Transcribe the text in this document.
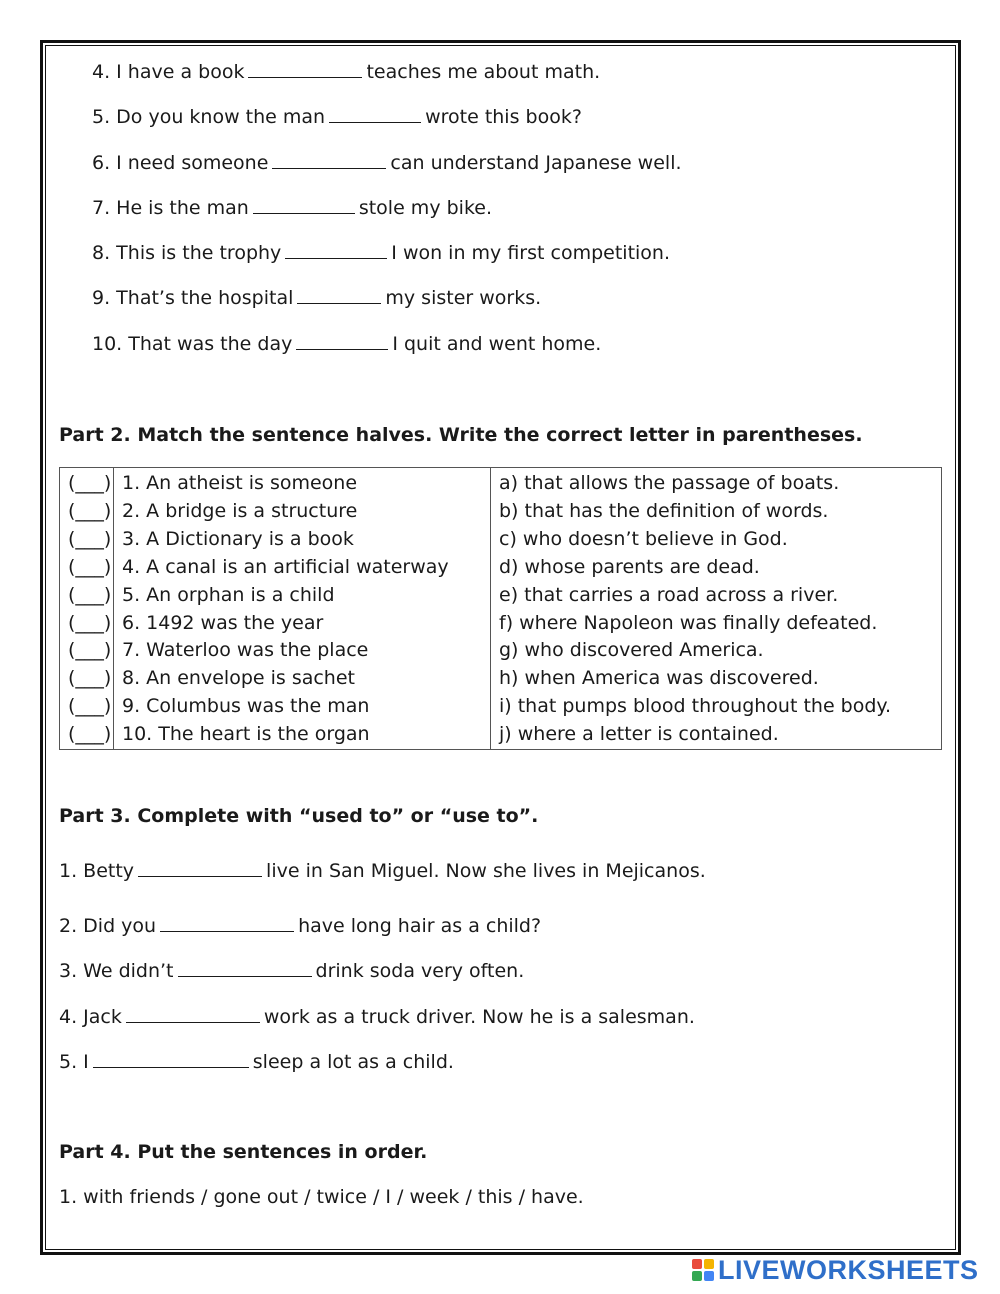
4. I have a book	teaches me about math.
5. Do you know the man	wrote this book?
6. I need someone	can understand Japanese well.
7. He is the man	stole my bike.
8. This is the trophy	I won in my first competition.
9. That’s the hospital	my sister works.
10. That was the day	I quit and went home.
Part 2. Match the sentence halves. Write the correct letter in parentheses.
(___)	1. An atheist is someone	a) that allows the passage of boats.
(___)	2. A bridge is a structure	b) that has the definition of words.
(___)	3. A Dictionary is a book	c) who doesn’t believe in God.
(___)	4. A canal is an artificial waterway	d) whose parents are dead.
(___)	5. An orphan is a child	e) that carries a road across a river.
(___)	6. 1492 was the year	f) where Napoleon was finally defeated.
(___)	7. Waterloo was the place	g) who discovered America.
(___)	8. An envelope is sachet	h) when America was discovered.
(___)	9. Columbus was the man	i) that pumps blood throughout the body.
(___)	10. The heart is the organ	j) where a letter is contained.
Part 3. Complete with “used to” or “use to”.
1. Betty	live in San Miguel. Now she lives in Mejicanos.
2. Did you	have long hair as a child?
3. We didn’t	drink soda very often.
4. Jack	work as a truck driver. Now he is a salesman.
5. I	sleep a lot as a child.
Part 4. Put the sentences in order.
1. with friends / gone out / twice / I / week / this / have.
LIVEWORKSHEETS
